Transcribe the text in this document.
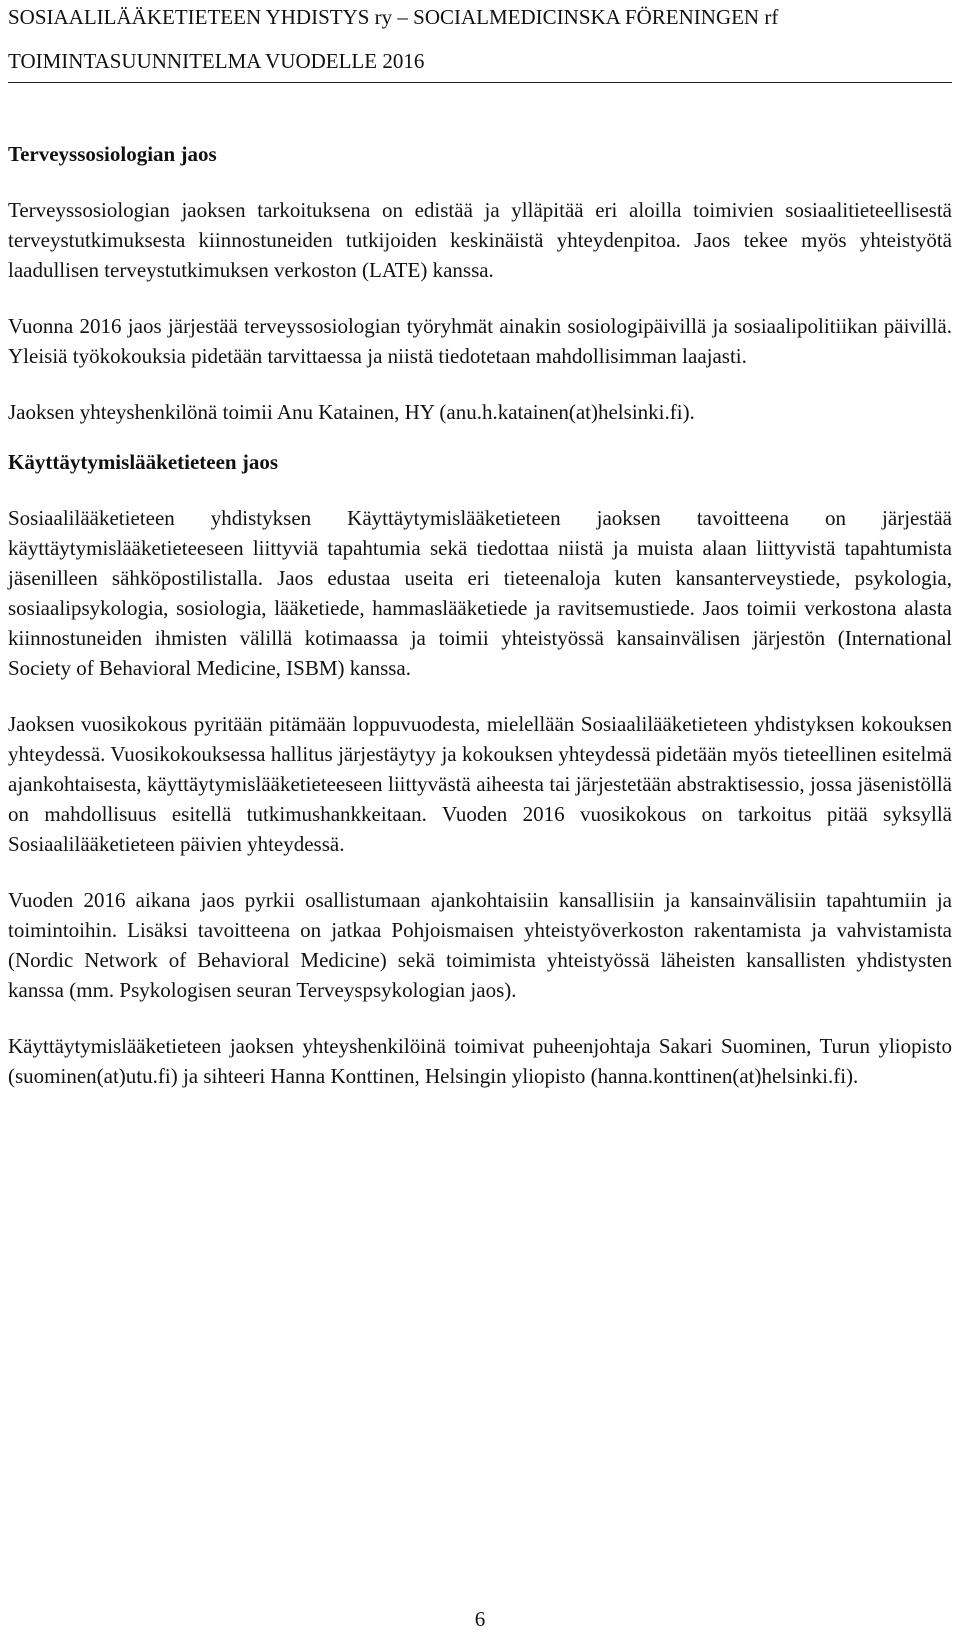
SOSIAALILÄÄKETIETEEN YHDISTYS ry – SOCIALMEDICINSKA FÖRENINGEN rf
TOIMINTASUUNNITELMA VUODELLE 2016
Terveyssosiologian jaos

Terveyssosiologian jaoksen tarkoituksena on edistää ja ylläpitää eri aloilla toimivien sosiaalitieteellisestä terveystutkimuksesta kiinnostuneiden tutkijoiden keskinäistä yhteydenpitoa. Jaos tekee myös yhteistyötä laadullisen terveystutkimuksen verkoston (LATE) kanssa.

Vuonna 2016 jaos järjestää terveyssosiologian työryhmät ainakin sosiologipäivillä ja sosiaalipolitiikan päivillä. Yleisiä työkokouksia pidetään tarvittaessa ja niistä tiedotetaan mahdollisimman laajasti.

Jaoksen yhteyshenkilönä toimii Anu Katainen, HY (anu.h.katainen(at)helsinki.fi).

Käyttäytymislääketieteen jaos

Sosiaalilääketieteen yhdistyksen Käyttäytymislääketieteen jaoksen tavoitteena on järjestää käyttäytymislääketieteeseen liittyviä tapahtumia sekä tiedottaa niistä ja muista alaan liittyvistä tapahtumista jäsenilleen sähköpostilistalla. Jaos edustaa useita eri tieteenaloja kuten kansanterveystiede, psykologia, sosiaalipsykologia, sosiologia, lääketiede, hammaslääketiede ja ravitsemustiede. Jaos toimii verkostona alasta kiinnostuneiden ihmisten välillä kotimaassa ja toimii yhteistyössä kansainvälisen järjestön (International Society of Behavioral Medicine, ISBM) kanssa.

Jaoksen vuosikokous pyritään pitämään loppuvuodesta, mielellään Sosiaalilääketieteen yhdistyksen kokouksen yhteydessä. Vuosikokouksessa hallitus järjestäytyy ja kokouksen yhteydessä pidetään myös tieteellinen esitelmä ajankohtaisesta, käyttäytymislääketieteeseen liittyvästä aiheesta tai järjestetään abstraktisessio, jossa jäsenistöllä on mahdollisuus esitellä tutkimushankkeitaan. Vuoden 2016 vuosikokous on tarkoitus pitää syksyllä Sosiaalilääketieteen päivien yhteydessä.

Vuoden 2016 aikana jaos pyrkii osallistumaan ajankohtaisiin kansallisiin ja kansainvälisiin tapahtumiin ja toimintoihin. Lisäksi tavoitteena on jatkaa Pohjoismaisen yhteistyöverkoston rakentamista ja vahvistamista (Nordic Network of Behavioral Medicine) sekä toimimista yhteistyössä läheisten kansallisten yhdistysten kanssa (mm. Psykologisen seuran Terveyspsykologian jaos).

Käyttäytymislääketieteen jaoksen yhteyshenkilöinä toimivat puheenjohtaja Sakari Suominen, Turun yliopisto (suominen(at)utu.fi) ja sihteeri Hanna Konttinen, Helsingin yliopisto (hanna.konttinen(at)helsinki.fi).

6
